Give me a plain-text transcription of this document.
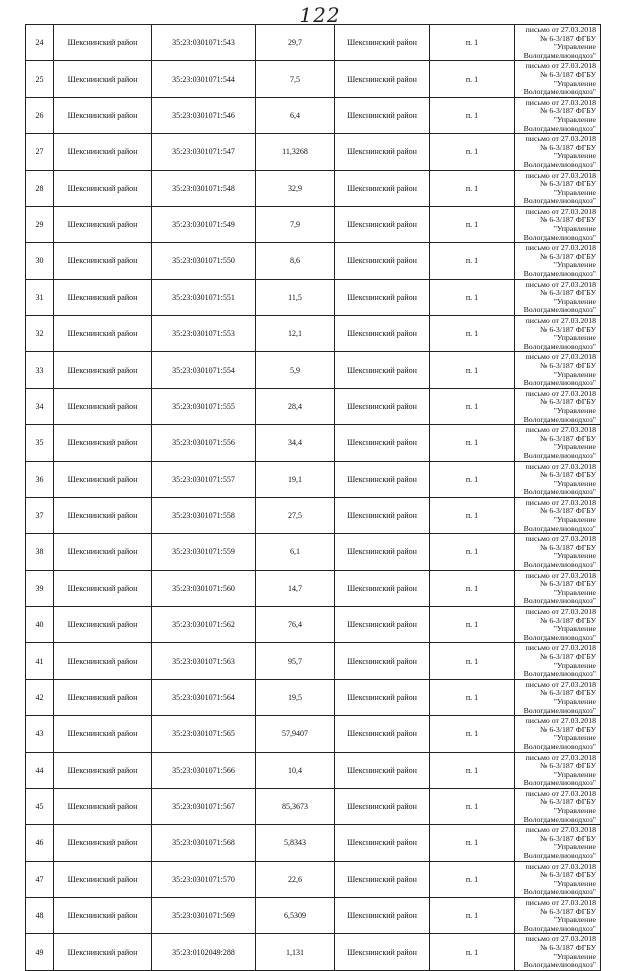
122
24	Шекснинский район	35:23:0301071:543	29,7	Шекснинский район	п. 1	письмо от 27.03.2018 № 6-3/187 ФГБУ "Управление Вологдамелиоводхоз"
25	Шекснинский район	35:23:0301071:544	7,5	Шекснинский район	п. 1	письмо от 27.03.2018 № 6-3/187 ФГБУ "Управление Вологдамелиоводхоз"
26	Шекснинский район	35:23:0301071:546	6,4	Шекснинский район	п. 1	письмо от 27.03.2018 № 6-3/187 ФГБУ "Управление Вологдамелиоводхоз"
27	Шекснинский район	35:23:0301071:547	11,3268	Шекснинский район	п. 1	письмо от 27.03.2018 № 6-3/187 ФГБУ "Управление Вологдамелиоводхоз"
28	Шекснинский район	35:23:0301071:548	32,9	Шекснинский район	п. 1	письмо от 27.03.2018 № 6-3/187 ФГБУ "Управление Вологдамелиоводхоз"
29	Шекснинский район	35:23:0301071:549	7,9	Шекснинский район	п. 1	письмо от 27.03.2018 № 6-3/187 ФГБУ "Управление Вологдамелиоводхоз"
30	Шекснинский район	35:23:0301071:550	8,6	Шекснинский район	п. 1	письмо от 27.03.2018 № 6-3/187 ФГБУ "Управление Вологдамелиоводхоз"
31	Шекснинский район	35:23:0301071:551	11,5	Шекснинский район	п. 1	письмо от 27.03.2018 № 6-3/187 ФГБУ "Управление Вологдамелиоводхоз"
32	Шекснинский район	35:23:0301071:553	12,1	Шекснинский район	п. 1	письмо от 27.03.2018 № 6-3/187 ФГБУ "Управление Вологдамелиоводхоз"
33	Шекснинский район	35:23:0301071:554	5,9	Шекснинский район	п. 1	письмо от 27.03.2018 № 6-3/187 ФГБУ "Управление Вологдамелиоводхоз"
34	Шекснинский район	35:23:0301071:555	28,4	Шекснинский район	п. 1	письмо от 27.03.2018 № 6-3/187 ФГБУ "Управление Вологдамелиоводхоз"
35	Шекснинский район	35:23:0301071:556	34,4	Шекснинский район	п. 1	письмо от 27.03.2018 № 6-3/187 ФГБУ "Управление Вологдамелиоводхоз"
36	Шекснинский район	35:23:0301071:557	19,1	Шекснинский район	п. 1	письмо от 27.03.2018 № 6-3/187 ФГБУ "Управление Вологдамелиоводхоз"
37	Шекснинский район	35:23:0301071:558	27,5	Шекснинский район	п. 1	письмо от 27.03.2018 № 6-3/187 ФГБУ "Управление Вологдамелиоводхоз"
38	Шекснинский район	35:23:0301071:559	6,1	Шекснинский район	п. 1	письмо от 27.03.2018 № 6-3/187 ФГБУ "Управление Вологдамелиоводхоз"
39	Шекснинский район	35:23:0301071:560	14,7	Шекснинский район	п. 1	письмо от 27.03.2018 № 6-3/187 ФГБУ "Управление Вологдамелиоводхоз"
40	Шекснинский район	35:23:0301071:562	76,4	Шекснинский район	п. 1	письмо от 27.03.2018 № 6-3/187 ФГБУ "Управление Вологдамелиоводхоз"
41	Шекснинский район	35:23:0301071:563	95,7	Шекснинский район	п. 1	письмо от 27.03.2018 № 6-3/187 ФГБУ "Управление Вологдамелиоводхоз"
42	Шекснинский район	35:23:0301071:564	19,5	Шекснинский район	п. 1	письмо от 27.03.2018 № 6-3/187 ФГБУ "Управление Вологдамелиоводхоз"
43	Шекснинский район	35:23:0301071:565	57,9407	Шекснинский район	п. 1	письмо от 27.03.2018 № 6-3/187 ФГБУ "Управление Вологдамелиоводхоз"
44	Шекснинский район	35:23:0301071:566	10,4	Шекснинский район	п. 1	письмо от 27.03.2018 № 6-3/187 ФГБУ "Управление Вологдамелиоводхоз"
45	Шекснинский район	35:23:0301071:567	85,3673	Шекснинский район	п. 1	письмо от 27.03.2018 № 6-3/187 ФГБУ "Управление Вологдамелиоводхоз"
46	Шекснинский район	35:23:0301071:568	5,8343	Шекснинский район	п. 1	письмо от 27.03.2018 № 6-3/187 ФГБУ "Управление Вологдамелиоводхоз"
47	Шекснинский район	35:23:0301071:570	22,6	Шекснинский район	п. 1	письмо от 27.03.2018 № 6-3/187 ФГБУ "Управление Вологдамелиоводхоз"
48	Шекснинский район	35:23:0301071:569	6,5309	Шекснинский район	п. 1	письмо от 27.03.2018 № 6-3/187 ФГБУ "Управление Вологдамелиоводхоз"
49	Шекснинский район	35:23:0102049:288	1,131	Шекснинский район	п. 1	письмо от 27.03.2018 № 6-3/187 ФГБУ "Управление Вологдамелиоводхоз"
